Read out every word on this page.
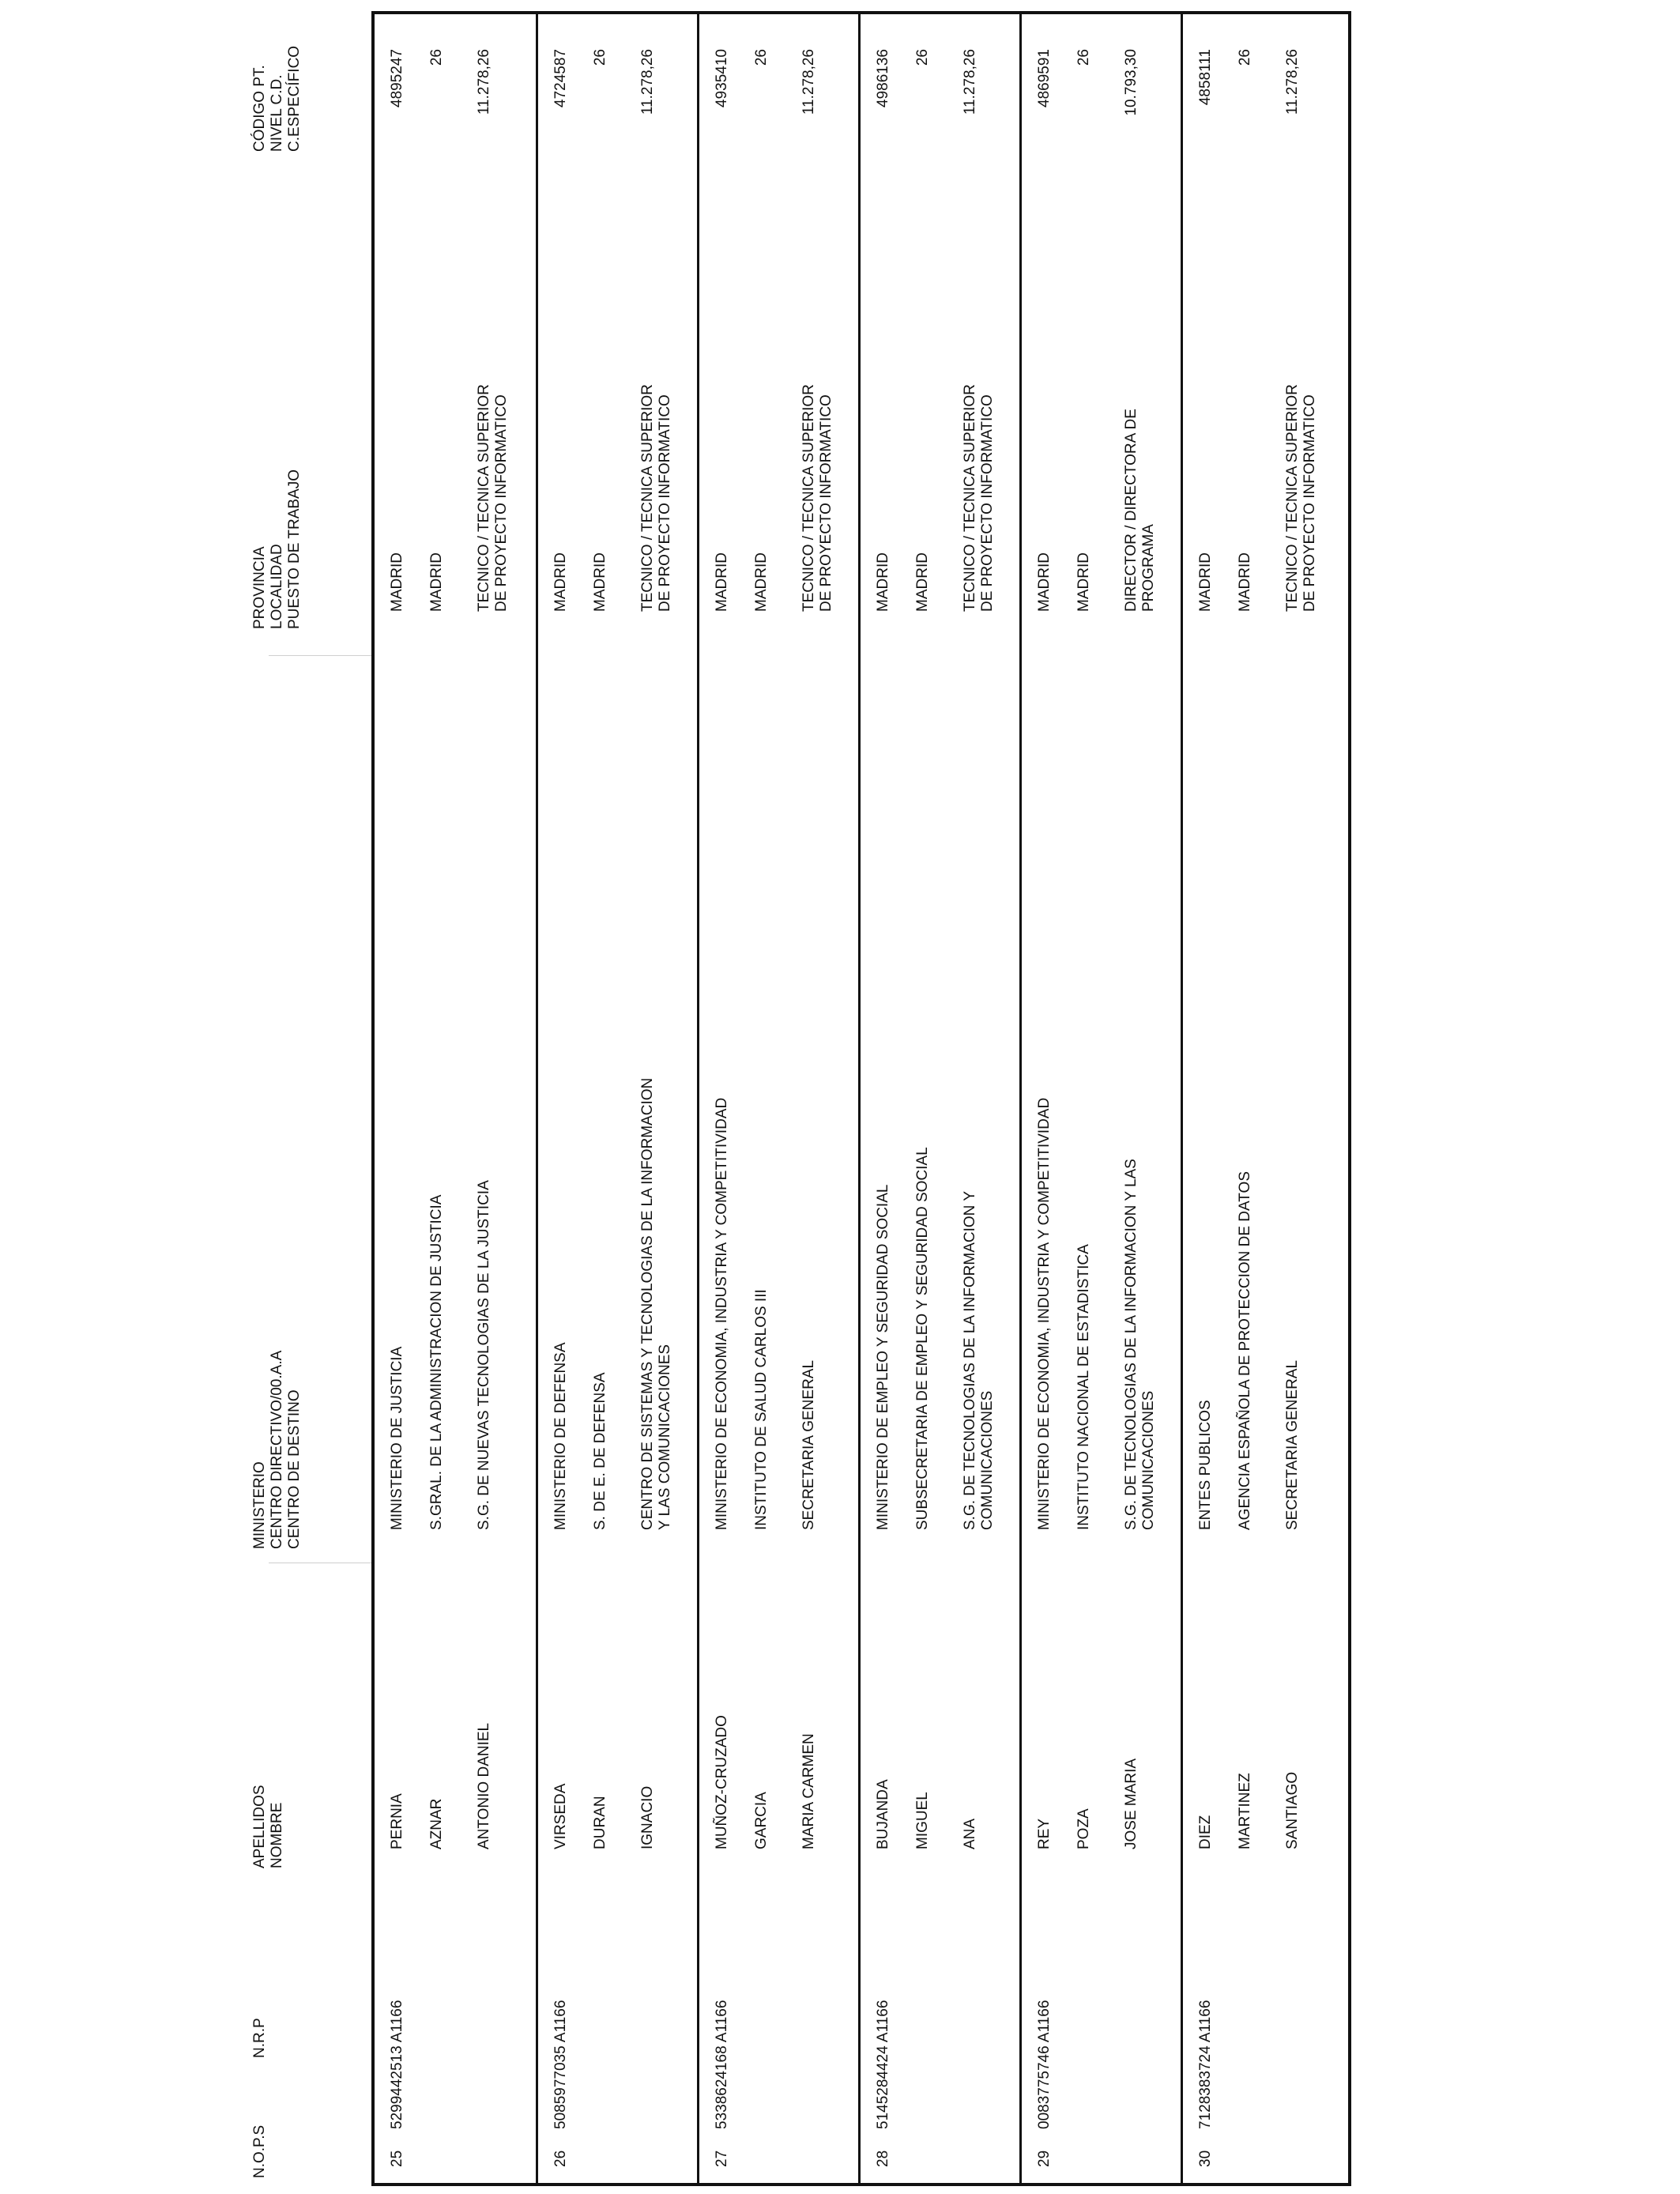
N.O.P.S
N.R.P
APELLIDOS NOMBRE
MINISTERIO CENTRO DIRECTIVO/00.A.A CENTRO DE DESTINO
PROVINCIA LOCALIDAD PUESTO DE TRABAJO
CÓDIGO PT. NIVEL C.D. C.ESPECÍFICO
25
5299442513 A1166
PERNIA AZNAR ANTONIO DANIEL
MINISTERIO DE JUSTICIA S.GRAL. DE LA ADMINISTRACION DE JUSTICIA S.G. DE NUEVAS TECNOLOGIAS DE LA JUSTICIA
MADRID MADRID TECNICO / TECNICA SUPERIOR DE PROYECTO INFORMATICO
4895247 26 11.278,26
26
5085977035 A1166
VIRSEDA DURAN IGNACIO
MINISTERIO DE DEFENSA S. DE E. DE DEFENSA CENTRO DE SISTEMAS Y TECNOLOGIAS DE LA INFORMACION Y LAS COMUNICACIONES
MADRID MADRID TECNICO / TECNICA SUPERIOR DE PROYECTO INFORMATICO
4724587 26 11.278,26
27
5338624168 A1166
MUÑOZ-CRUZADO GARCIA MARIA CARMEN
MINISTERIO DE ECONOMIA, INDUSTRIA Y COMPETITIVIDAD INSTITUTO DE SALUD CARLOS III SECRETARIA GENERAL
MADRID MADRID TECNICO / TECNICA SUPERIOR DE PROYECTO INFORMATICO
4935410 26 11.278,26
28
5145284424 A1166
BUJANDA MIGUEL ANA
MINISTERIO DE EMPLEO Y SEGURIDAD SOCIAL SUBSECRETARIA DE EMPLEO Y SEGURIDAD SOCIAL S.G. DE TECNOLOGIAS DE LA INFORMACION Y COMUNICACIONES
MADRID MADRID TECNICO / TECNICA SUPERIOR DE PROYECTO INFORMATICO
4986136 26 11.278,26
29
0083775746 A1166
REY POZA JOSE MARIA
MINISTERIO DE ECONOMIA, INDUSTRIA Y COMPETITIVIDAD INSTITUTO NACIONAL DE ESTADISTICA S.G. DE TECNOLOGIAS DE LA INFORMACION Y LAS COMUNICACIONES
MADRID MADRID DIRECTOR / DIRECTORA DE PROGRAMA
4869591 26 10.793,30
30
7128383724 A1166
DIEZ MARTINEZ SANTIAGO
ENTES PUBLICOS AGENCIA ESPAÑOLA DE PROTECCION DE DATOS SECRETARIA GENERAL
MADRID MADRID TECNICO / TECNICA SUPERIOR DE PROYECTO INFORMATICO
4858111 26 11.278,26
